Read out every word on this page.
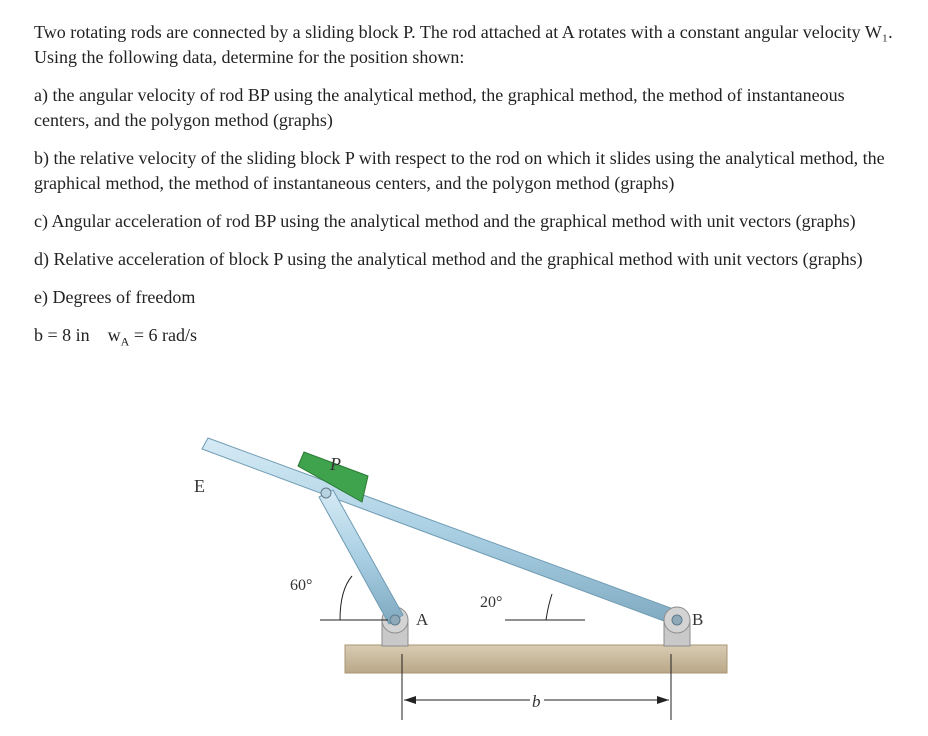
Two rotating rods are connected by a sliding block P. The rod attached at A rotates with a constant angular velocity W₁. Using the following data, determine for the position shown:

a) the angular velocity of rod BP using the analytical method, the graphical method, the method of instantaneous centers, and the polygon method (graphs)

b) the relative velocity of the sliding block P with respect to the rod on which it slides using the analytical method, the graphical method, the method of instantaneous centers, and the polygon method (graphs)

c) Angular acceleration of rod BP using the analytical method and the graphical method with unit vectors (graphs)

d) Relative acceleration of block P using the analytical method and the graphical method with unit vectors (graphs)

e) Degrees of freedom

b = 8 in $w_A = 6$ rad/s

E
P
A	B
60°
20°
b
